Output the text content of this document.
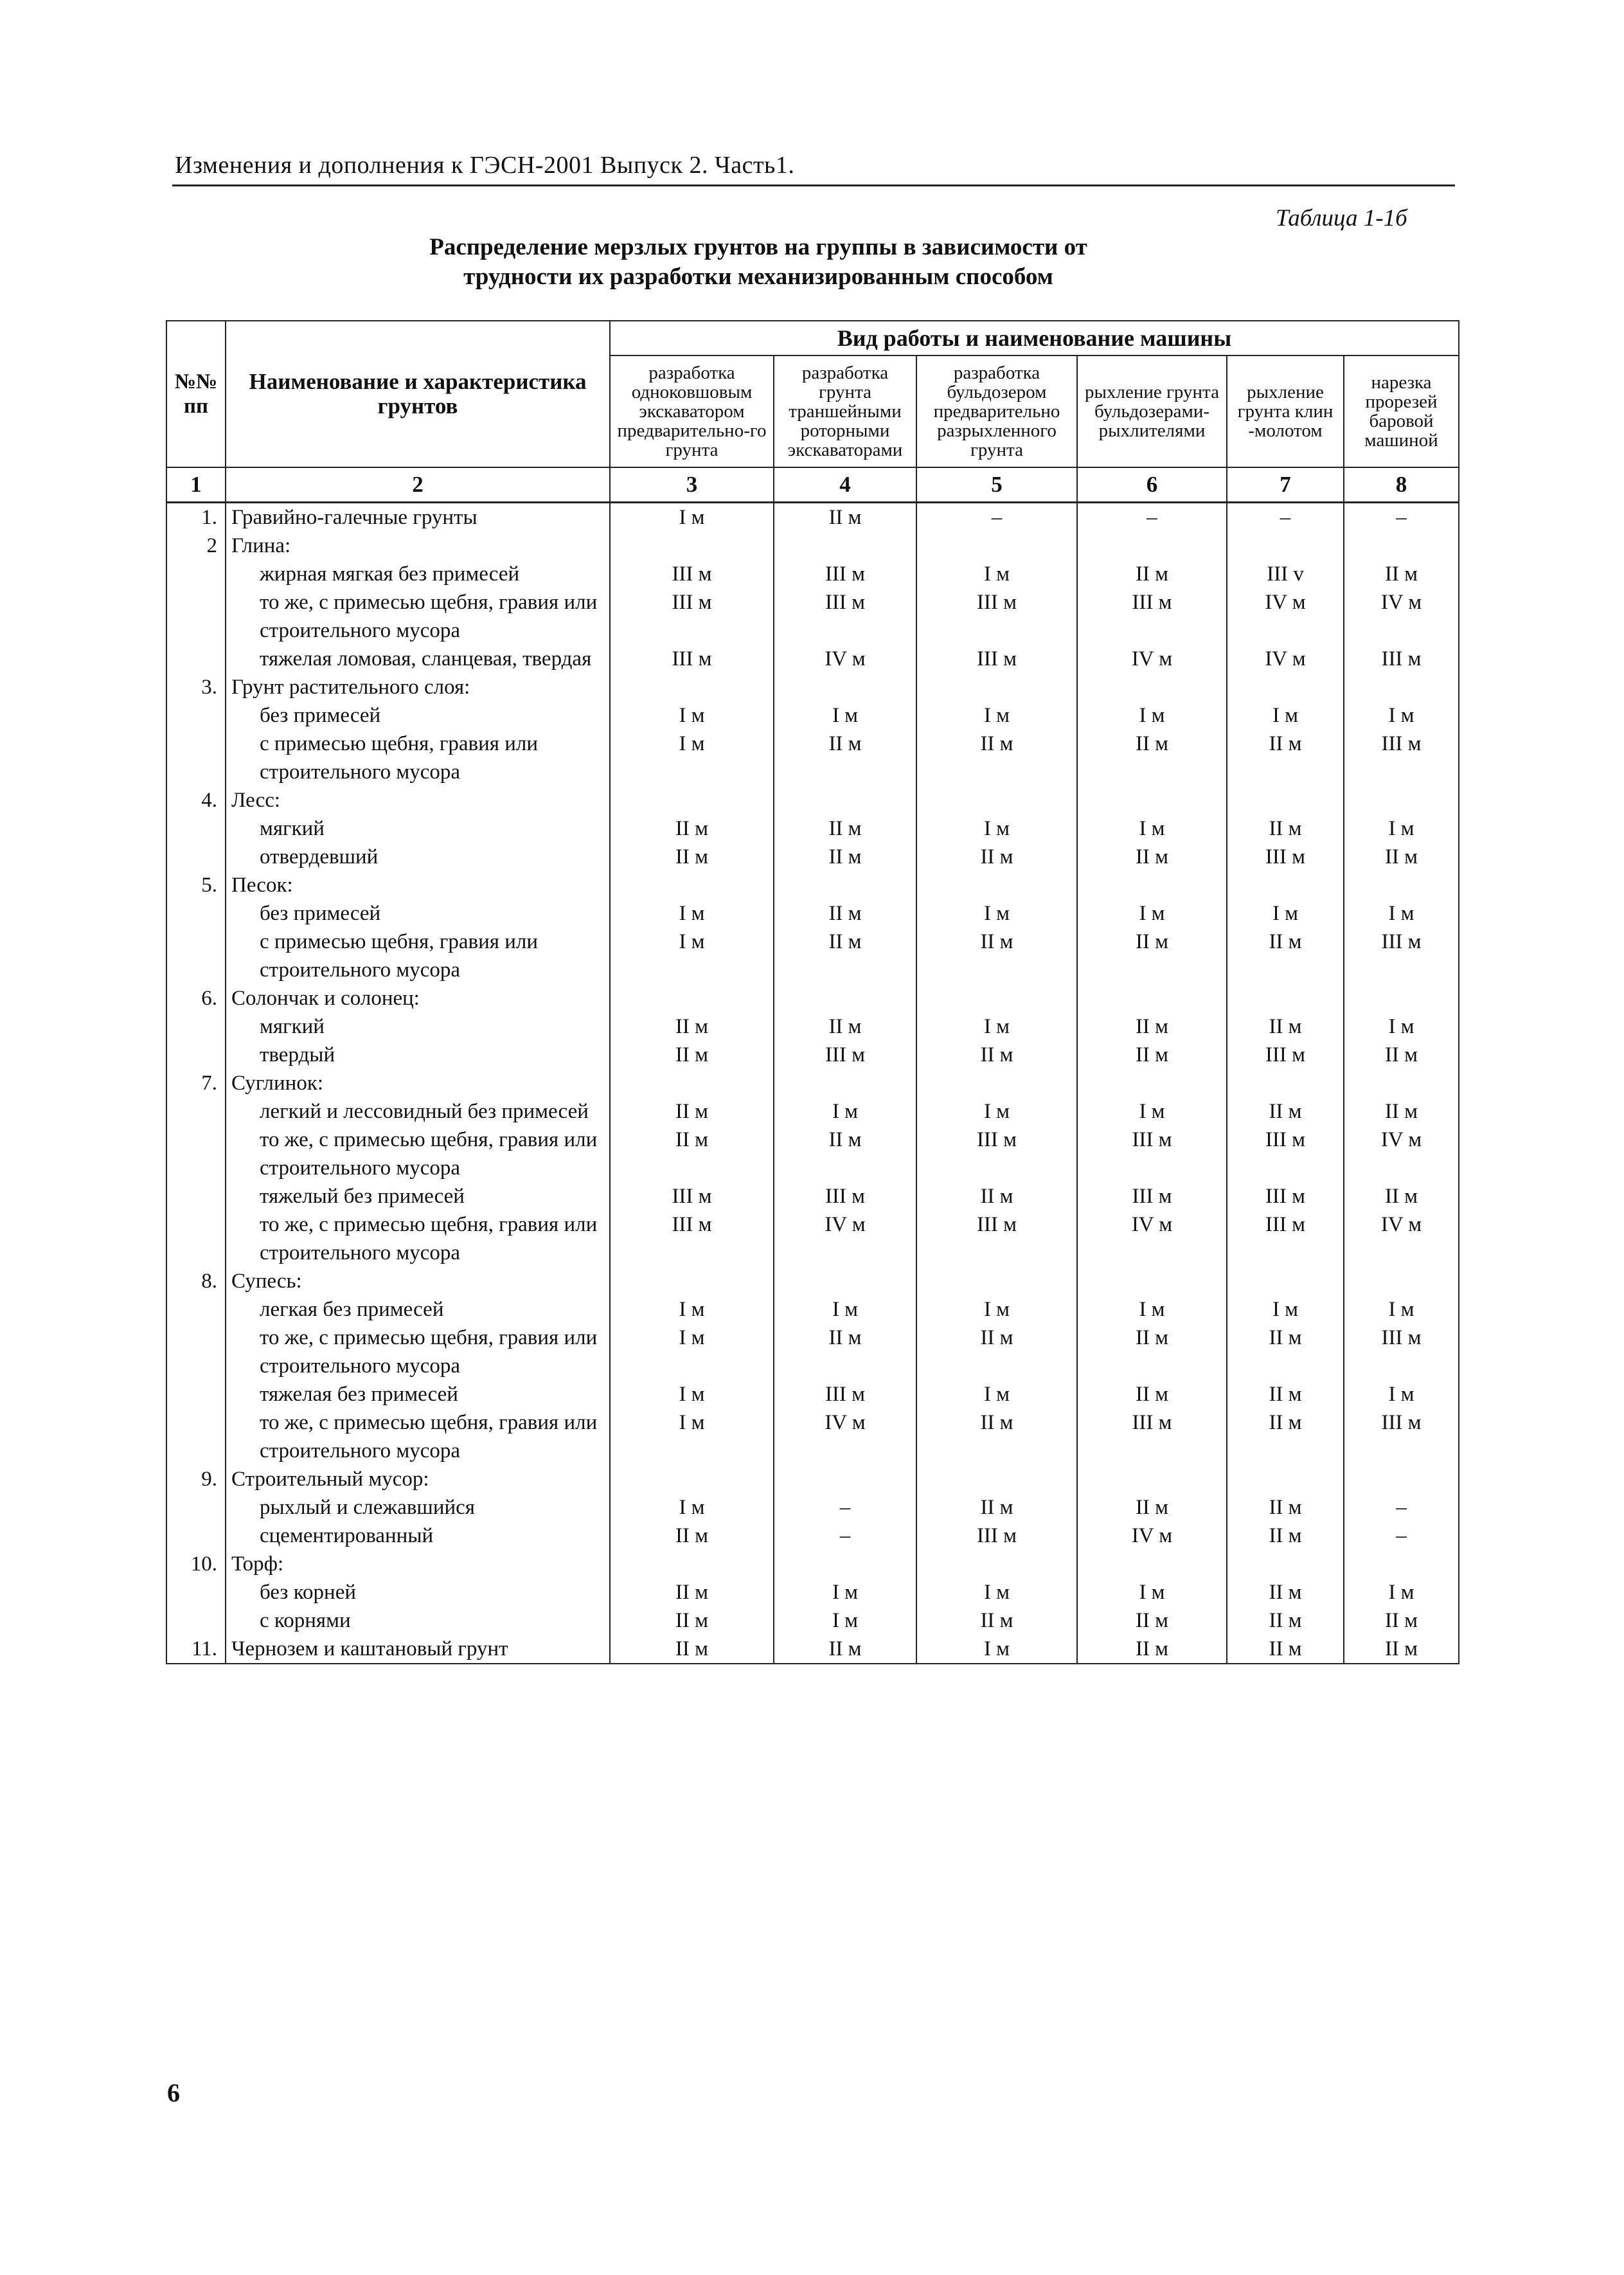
Изменения и дополнения к ГЭСН-2001 Выпуск 2. Часть1.
Таблица 1-1б
Распределение мерзлых грунтов на группы в зависимости от
трудности их разработки механизированным способом
№№ пп	Наименование и характеристика грунтов	Вид работы и наименование машины					
		разработка одноковшовым экскаватором предварительно-го грунта	разработка грунта траншейными роторными экскаваторами	разработка бульдозером предварительно разрыхленного грунта	рыхление грунта бульдозерами-рыхлителями	рыхление грунта клин -молотом	нарезка прорезей баровой машиной
1	2	3	4	5	6	7	8
1.	Гравийно-галечные грунты	I м	II м	–	–	–	–
2	Глина:						
	жирная мягкая без примесей	III м	III м	I м	II м	III v	II м
	то же, с примесью щебня, гравия или строительного мусора	III м	III м	III м	III м	IV м	IV м
	тяжелая ломовая, сланцевая, твердая	III м	IV м	III м	IV м	IV м	III м
3.	Грунт растительного слоя:						
	без примесей	I м	I м	I м	I м	I м	I м
	с примесью щебня, гравия или строительного мусора	I м	II м	II м	II м	II м	III м
4.	Лесс:						
	мягкий	II м	II м	I м	I м	II м	I м
	отвердевший	II м	II м	II м	II м	III м	II м
5.	Песок:						
	без примесей	I м	II м	I м	I м	I м	I м
	с примесью щебня, гравия или строительного мусора	I м	II м	II м	II м	II м	III м
6.	Солончак и солонец:						
	мягкий	II м	II м	I м	II м	II м	I м
	твердый	II м	III м	II м	II м	III м	II м
7.	Суглинок:						
	легкий и лессовидный без примесей	II м	I м	I м	I м	II м	II м
	то же, с примесью щебня, гравия или строительного мусора	II м	II м	III м	III м	III м	IV м
	тяжелый без примесей	III м	III м	II м	III м	III м	II м
	то же, с примесью щебня, гравия или строительного мусора	III м	IV м	III м	IV м	III м	IV м
8.	Супесь:						
	легкая без примесей	I м	I м	I м	I м	I м	I м
	то же, с примесью щебня, гравия или строительного мусора	I м	II м	II м	II м	II м	III м
	тяжелая без примесей	I м	III м	I м	II м	II м	I м
	то же, с примесью щебня, гравия или строительного мусора	I м	IV м	II м	III м	II м	III м
9.	Строительный мусор:						
	рыхлый и слежавшийся	I м	–	II м	II м	II м	–
	сцементированный	II м	–	III м	IV м	II м	–
10.	Торф:						
	без корней	II м	I м	I м	I м	II м	I м
	с корнями	II м	I м	II м	II м	II м	II м
11.	Чернозем и каштановый грунт	II м	II м	I м	II м	II м	II м
6
